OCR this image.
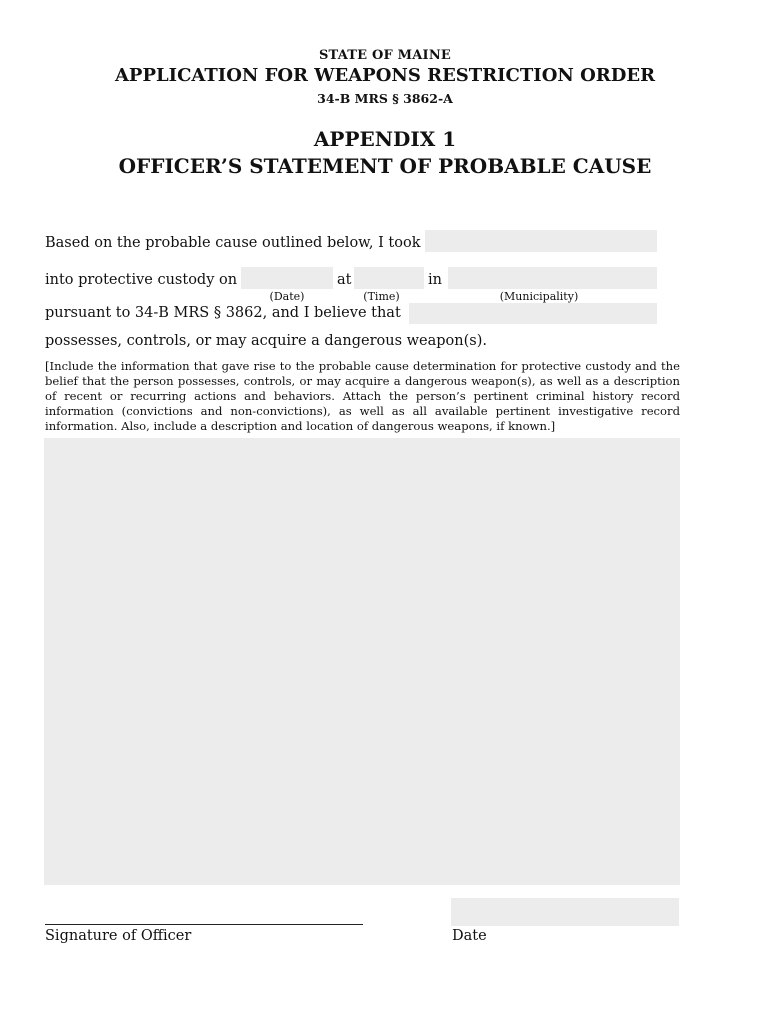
STATE OF MAINE
APPLICATION FOR WEAPONS RESTRICTION ORDER
34-B MRS § 3862-A
APPENDIX 1
OFFICER’S STATEMENT OF PROBABLE CAUSE
Based on the probable cause outlined below, I took
into protective custody on	at	in
(Date)	(Time)	(Municipality)
pursuant to 34-B MRS § 3862, and I believe that
possesses, controls, or may acquire a dangerous weapon(s).
[Include the information that gave rise to the probable cause determination for protective custody and the belief that the person possesses, controls, or may acquire a dangerous weapon(s), as well as a description of recent or recurring actions and behaviors. Attach the person’s pertinent criminal history record information (convictions and non-convictions), as well as all available pertinent investigative record information. Also, include a description and location of dangerous weapons, if known.]
Signature of Officer	Date
